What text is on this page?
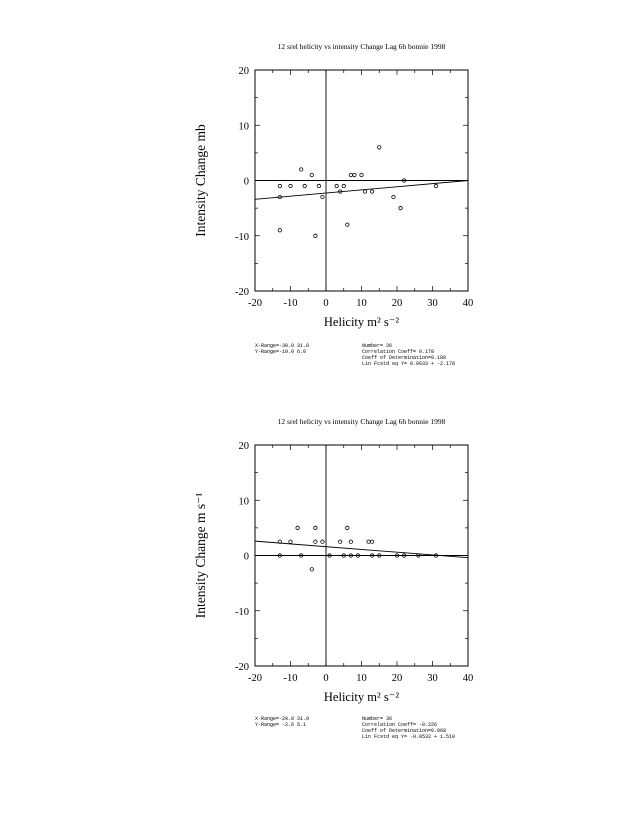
12 srel helicity vs intensity Change Lag 6h bonnie 1998
-20 -10 0	10 20 30 40
20
10
0
-10
-20
Helicity m² s⁻²
Intensity Change mb
X-Range=-30.0 31.0
Y-Range=-10.0 6.0
Number= 36
Correlation Coeff= 0.178
Coeff of Determination=0.188
Lin Fcstd eq Y= 0.0633 + -2.178
12 srel helicity vs intensity Change Lag 6h bonnie 1998
-20 -10 0	10 20 30 40
20
10
0
-10
-20
Helicity m² s⁻²
Intensity Change m s⁻¹
X-Range=-20.0 31.0
Y-Range= -2.6 5.1
Number= 36
Correlation Coeff= -0.226
Coeff of Determination=0.068
Lin Fcstd eq Y= -0.0532 + 1.510
